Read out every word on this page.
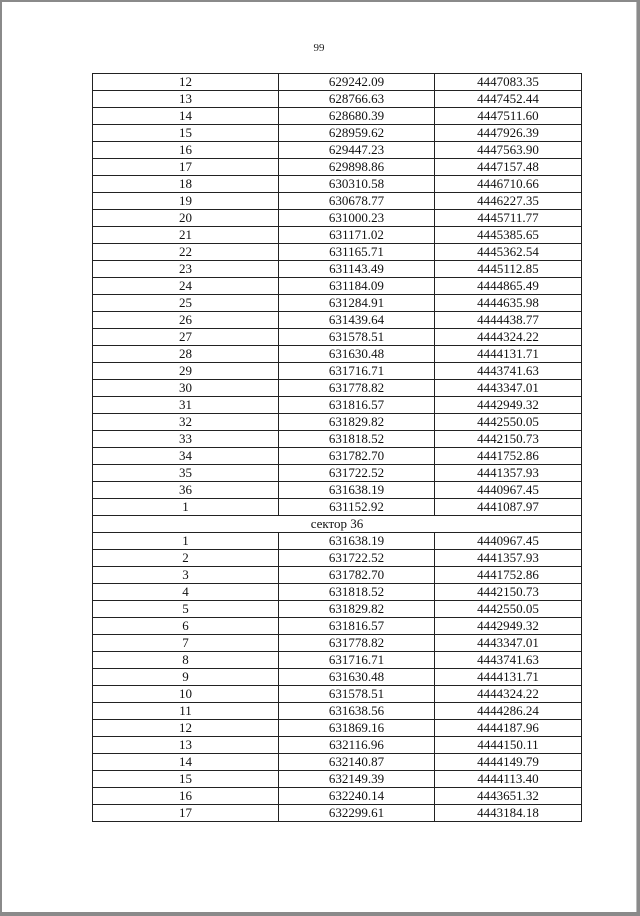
99
12	629242.09	4447083.35
13	628766.63	4447452.44
14	628680.39	4447511.60
15	628959.62	4447926.39
16	629447.23	4447563.90
17	629898.86	4447157.48
18	630310.58	4446710.66
19	630678.77	4446227.35
20	631000.23	4445711.77
21	631171.02	4445385.65
22	631165.71	4445362.54
23	631143.49	4445112.85
24	631184.09	4444865.49
25	631284.91	4444635.98
26	631439.64	4444438.77
27	631578.51	4444324.22
28	631630.48	4444131.71
29	631716.71	4443741.63
30	631778.82	4443347.01
31	631816.57	4442949.32
32	631829.82	4442550.05
33	631818.52	4442150.73
34	631782.70	4441752.86
35	631722.52	4441357.93
36	631638.19	4440967.45
1	631152.92	4441087.97
сектор 36		
1	631638.19	4440967.45
2	631722.52	4441357.93
3	631782.70	4441752.86
4	631818.52	4442150.73
5	631829.82	4442550.05
6	631816.57	4442949.32
7	631778.82	4443347.01
8	631716.71	4443741.63
9	631630.48	4444131.71
10	631578.51	4444324.22
11	631638.56	4444286.24
12	631869.16	4444187.96
13	632116.96	4444150.11
14	632140.87	4444149.79
15	632149.39	4444113.40
16	632240.14	4443651.32
17	632299.61	4443184.18
